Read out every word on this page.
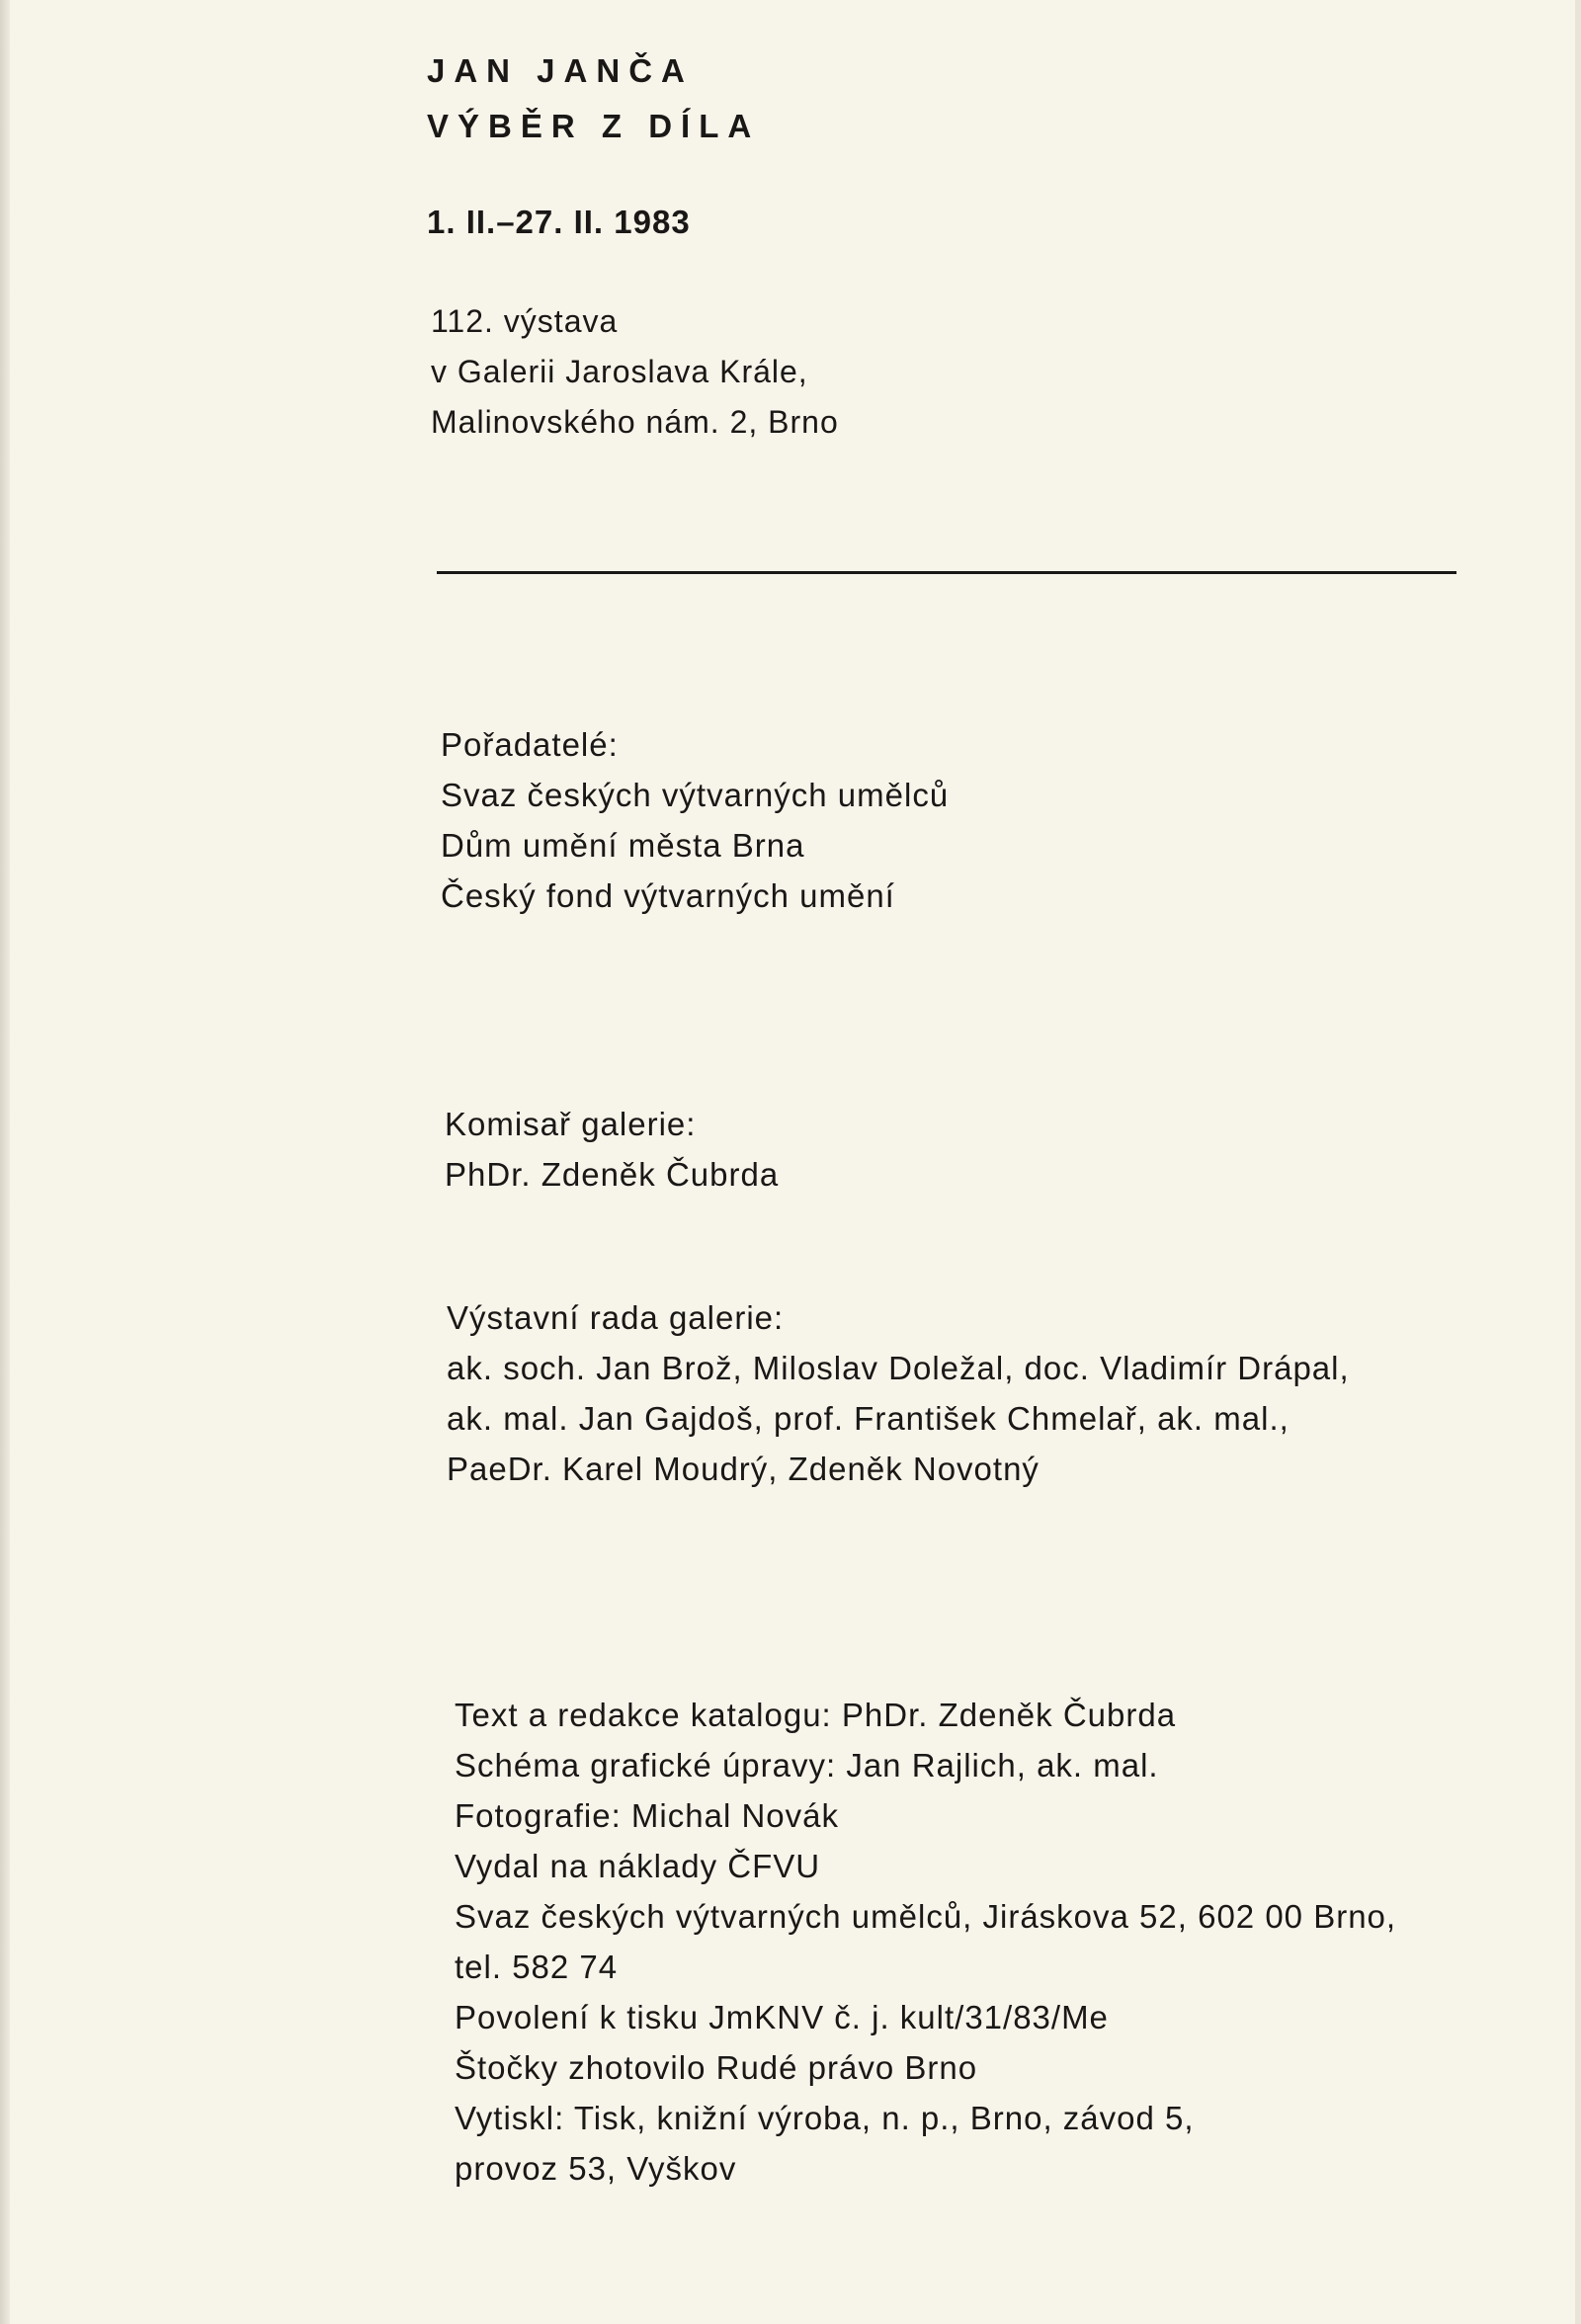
JAN JANČA
VÝBĚR Z DÍLA
1. II.–27. II. 1983
112. výstava
v Galerii Jaroslava Krále,
Malinovského nám. 2, Brno
Pořadatelé:
Svaz českých výtvarných umělců
Dům umění města Brna
Český fond výtvarných umění
Komisař galerie:
PhDr. Zdeněk Čubrda
Výstavní rada galerie:
ak. soch. Jan Brož, Miloslav Doležal, doc. Vladimír Drápal,
ak. mal. Jan Gajdoš, prof. František Chmelař, ak. mal.,
PaeDr. Karel Moudrý, Zdeněk Novotný
Text a redakce katalogu: PhDr. Zdeněk Čubrda
Schéma grafické úpravy: Jan Rajlich, ak. mal.
Fotografie: Michal Novák
Vydal na náklady ČFVU
Svaz českých výtvarných umělců, Jiráskova 52, 602 00 Brno,
tel. 582 74
Povolení k tisku JmKNV č. j. kult/31/83/Me
Štočky zhotovilo Rudé právo Brno
Vytiskl: Tisk, knižní výroba, n. p., Brno, závod 5,
provoz 53, Vyškov
